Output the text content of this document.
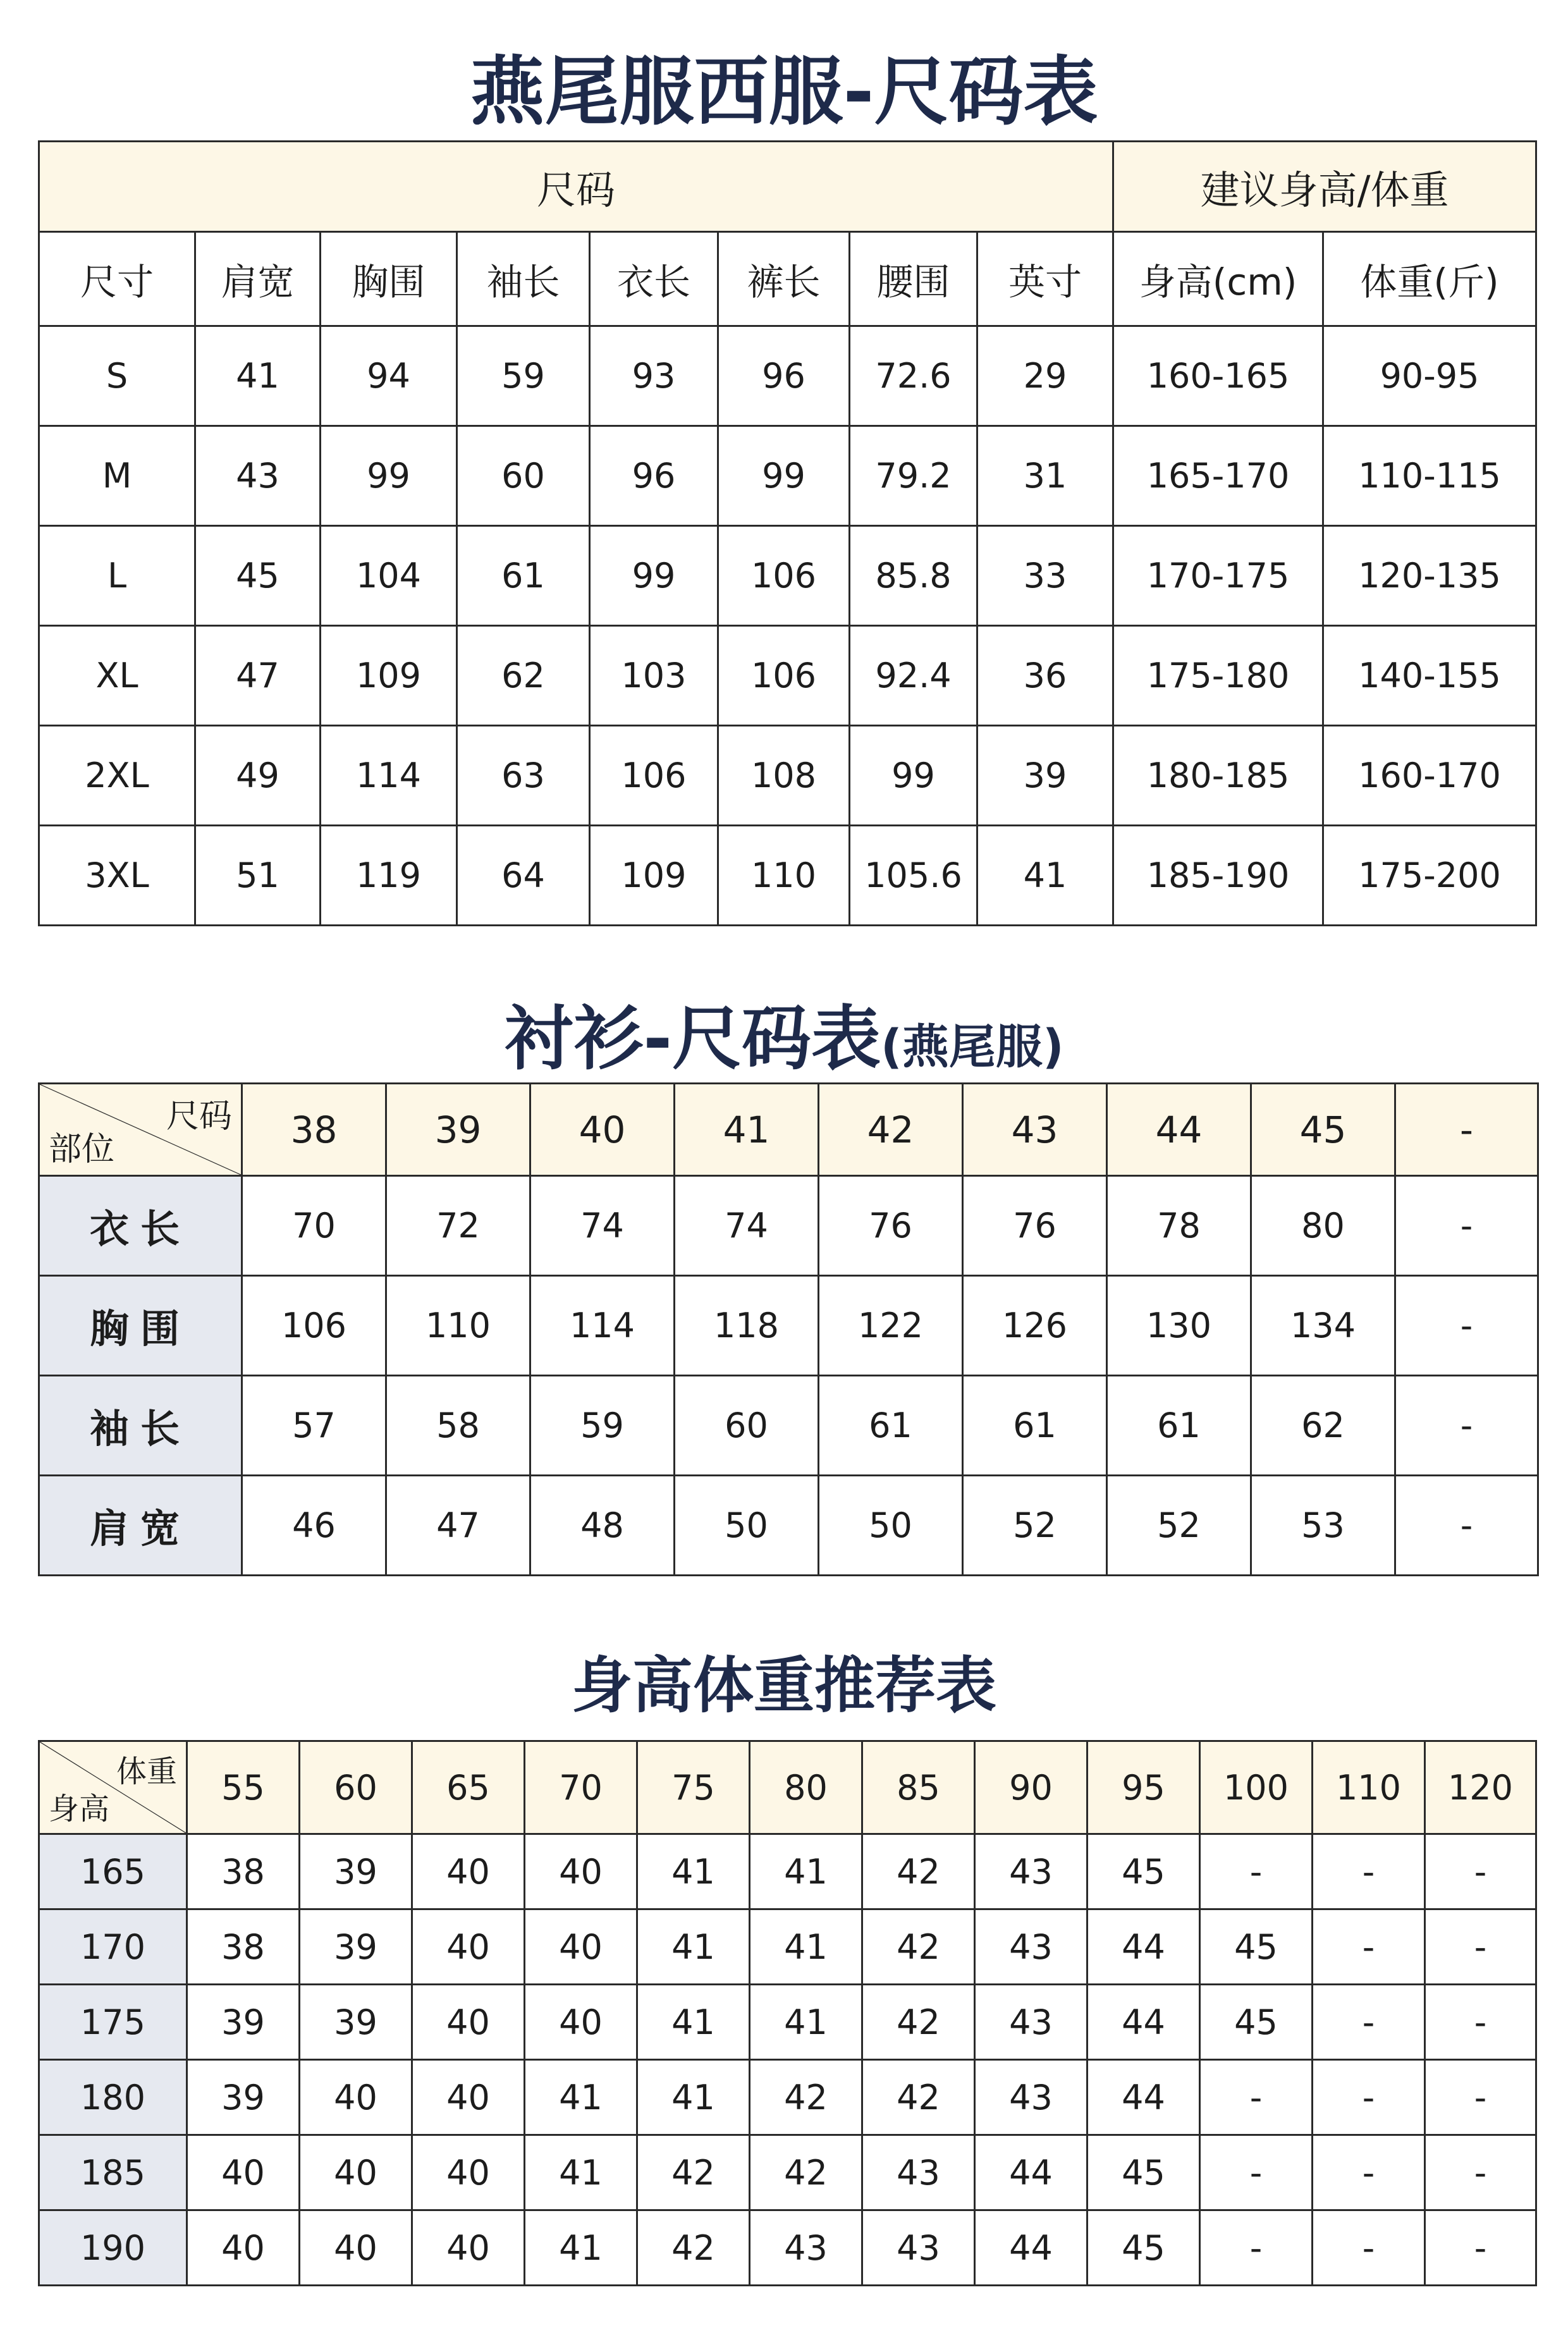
燕尾服西服-尺码表
尺码								建议身高/体重	
尺寸	肩宽	胸围	袖长	衣长	裤长	腰围	英寸	身高(cm)	体重(斤)
S	41	94	59	93	96	72.6	29	160-165	90-95
M	43	99	60	96	99	79.2	31	165-170	110-115
L	45	104	61	99	106	85.8	33	170-175	120-135
XL	47	109	62	103	106	92.4	36	175-180	140-155
2XL	49	114	63	106	108	99	39	180-185	160-170
3XL	51	119	64	109	110	105.6	41	185-190	175-200
衬衫-尺码表(燕尾服)
尺码
部位	38	39	40	41	42	43	44	45	-
衣长	70	72	74	74	76	76	78	80	-
胸围	106	110	114	118	122	126	130	134	-
袖长	57	58	59	60	61	61	61	62	-
肩宽	46	47	48	50	50	52	52	53	-
身高体重推荐表
体重
身高	55	60	65	70	75	80	85	90	95	100	110	120
165	38	39	40	40	41	41	42	43	45	-	-	-
170	38	39	40	40	41	41	42	43	44	45	-	-
175	39	39	40	40	41	41	42	43	44	45	-	-
180	39	40	40	41	41	42	42	43	44	-	-	-
185	40	40	40	41	42	42	43	44	45	-	-	-
190	40	40	40	41	42	43	43	44	45	-	-	-
